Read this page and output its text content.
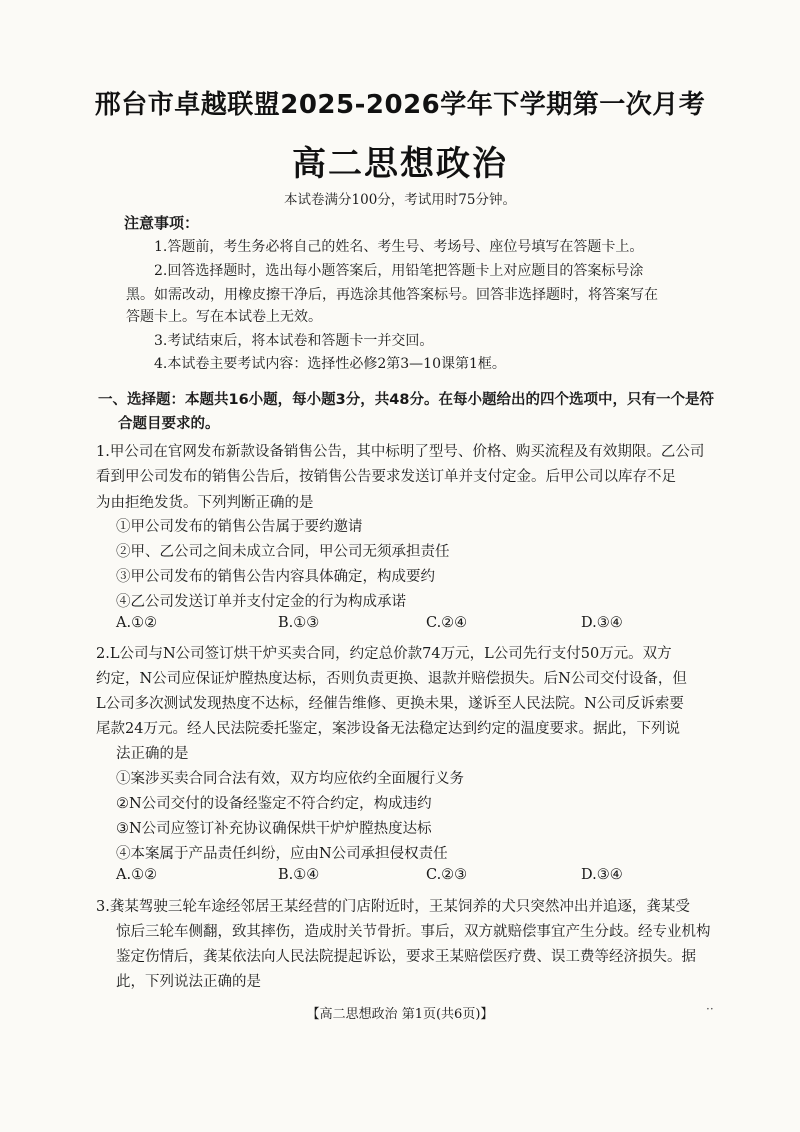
邢台市卓越联盟2025-2026学年下学期第一次月考
高二思想政治
本试卷满分100分，考试用时75分钟。
注意事项：
1.答题前，考生务必将自己的姓名、考生号、考场号、座位号填写在答题卡上。
2.回答选择题时，选出每小题答案后，用铅笔把答题卡上对应题目的答案标号涂
黑。如需改动，用橡皮擦干净后，再选涂其他答案标号。回答非选择题时，将答案写在
答题卡上。写在本试卷上无效。
3.考试结束后，将本试卷和答题卡一并交回。
4.本试卷主要考试内容：选择性必修2第3—10课第1框。
一、选择题：本题共16小题，每小题3分，共48分。在每小题给出的四个选项中，只有一个是符
合题目要求的。
1.甲公司在官网发布新款设备销售公告，其中标明了型号、价格、购买流程及有效期限。乙公司
看到甲公司发布的销售公告后，按销售公告要求发送订单并支付定金。后甲公司以库存不足
为由拒绝发货。下列判断正确的是
①甲公司发布的销售公告属于要约邀请
②甲、乙公司之间未成立合同，甲公司无须承担责任
③甲公司发布的销售公告内容具体确定，构成要约
④乙公司发送订单并支付定金的行为构成承诺
A.①②	B.①③	C.②④	D.③④
2.L公司与N公司签订烘干炉买卖合同，约定总价款74万元，L公司先行支付50万元。双方
约定，N公司应保证炉膛热度达标，否则负责更换、退款并赔偿损失。后N公司交付设备，但
L公司多次测试发现热度不达标，经催告维修、更换未果，遂诉至人民法院。N公司反诉索要
尾款24万元。经人民法院委托鉴定，案涉设备无法稳定达到约定的温度要求。据此，下列说
法正确的是
①案涉买卖合同合法有效，双方均应依约全面履行义务
②N公司交付的设备经鉴定不符合约定，构成违约
③N公司应签订补充协议确保烘干炉炉膛热度达标
④本案属于产品责任纠纷，应由N公司承担侵权责任
A.①②	B.①④	C.②③	D.③④
3.龚某驾驶三轮车途经邻居王某经营的门店附近时，王某饲养的犬只突然冲出并追逐，龚某受
惊后三轮车侧翻，致其摔伤，造成肘关节骨折。事后，双方就赔偿事宜产生分歧。经专业机构
鉴定伤情后，龚某依法向人民法院提起诉讼，要求王某赔偿医疗费、误工费等经济损失。据
此，下列说法正确的是
【高二思想政治 第1页(共6页)】	··
